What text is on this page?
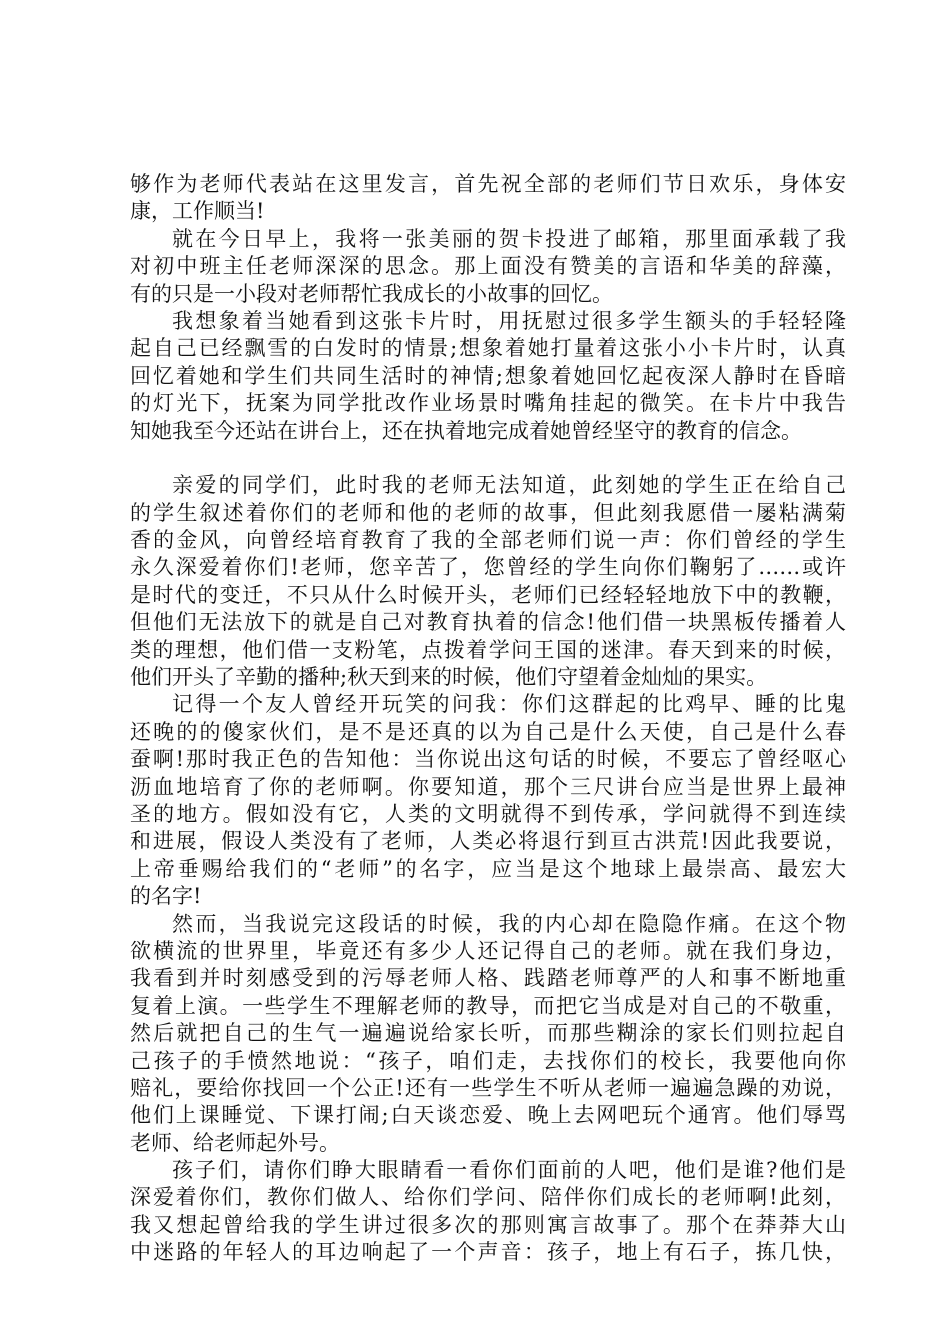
够作为老师代表站在这里发言，首先祝全部的老师们节日欢乐，身体安
康，工作顺当!
就在今日早上，我将一张美丽的贺卡投进了邮箱，那里面承载了我
对初中班主任老师深深的思念。那上面没有赞美的言语和华美的辞藻，
有的只是一小段对老师帮忙我成长的小故事的回忆。
我想象着当她看到这张卡片时，用抚慰过很多学生额头的手轻轻隆
起自己已经飘雪的白发时的情景;想象着她打量着这张小小卡片时，认真
回忆着她和学生们共同生活时的神情;想象着她回忆起夜深人静时在昏暗
的灯光下，抚案为同学批改作业场景时嘴角挂起的微笑。在卡片中我告
知她我至今还站在讲台上，还在执着地完成着她曾经坚守的教育的信念。
亲爱的同学们，此时我的老师无法知道，此刻她的学生正在给自己
的学生叙述着你们的老师和他的老师的故事，但此刻我愿借一屡粘满菊
香的金风，向曾经培育教育了我的全部老师们说一声：你们曾经的学生
永久深爱着你们!老师，您辛苦了，您曾经的学生向你们鞠躬了……或许
是时代的变迁，不只从什么时候开头，老师们已经轻轻地放下中的教鞭，
但他们无法放下的就是自己对教育执着的信念!他们借一块黑板传播着人
类的理想，他们借一支粉笔，点拨着学问王国的迷津。春天到来的时候，
他们开头了辛勤的播种;秋天到来的时候，他们守望着金灿灿的果实。
记得一个友人曾经开玩笑的问我：你们这群起的比鸡早、睡的比鬼
还晚的的傻家伙们，是不是还真的以为自己是什么天使，自己是什么春
蚕啊!那时我正色的告知他：当你说出这句话的时候，不要忘了曾经呕心
沥血地培育了你的老师啊。你要知道，那个三尺讲台应当是世界上最神
圣的地方。假如没有它，人类的文明就得不到传承，学问就得不到连续
和进展，假设人类没有了老师，人类必将退行到亘古洪荒!因此我要说，
上帝垂赐给我们的“老师”的名字，应当是这个地球上最崇高、最宏大
的名字!
然而，当我说完这段话的时候，我的内心却在隐隐作痛。在这个物
欲横流的世界里，毕竟还有多少人还记得自己的老师。就在我们身边，
我看到并时刻感受到的污辱老师人格、践踏老师尊严的人和事不断地重
复着上演。一些学生不理解老师的教导，而把它当成是对自己的不敬重，
然后就把自己的生气一遍遍说给家长听，而那些糊涂的家长们则拉起自
己孩子的手愤然地说：“孩子，咱们走，去找你们的校长，我要他向你
赔礼，要给你找回一个公正!还有一些学生不听从老师一遍遍急躁的劝说，
他们上课睡觉、下课打闹;白天谈恋爱、晚上去网吧玩个通宵。他们辱骂
老师、给老师起外号。
孩子们，请你们睁大眼睛看一看你们面前的人吧，他们是谁?他们是
深爱着你们，教你们做人、给你们学问、陪伴你们成长的老师啊!此刻，
我又想起曾给我的学生讲过很多次的那则寓言故事了。那个在莽莽大山
中迷路的年轻人的耳边响起了一个声音：孩子，地上有石子，拣几快，
